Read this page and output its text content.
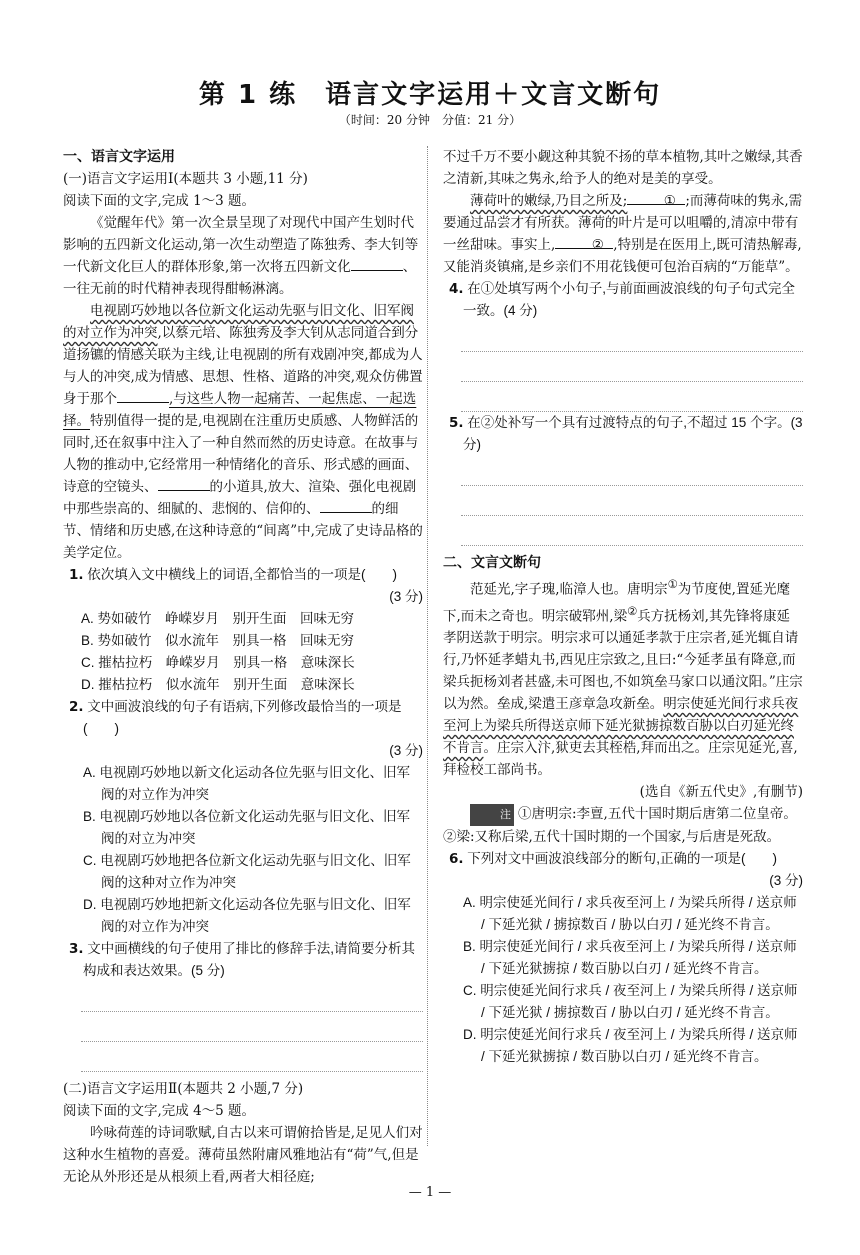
第 1 练　语言文字运用＋文言文断句
（时间：20 分钟　分值：21 分）

一、语言文字运用

(一)语言文字运用Ⅰ(本题共 3 小题,11 分)

阅读下面的文字,完成 1～3 题。

《觉醒年代》第一次全景呈现了对现代中国产生划时代影响的五四新文化运动,第一次生动塑造了陈独秀、李大钊等一代新文化巨人的群体形象,第一次将五四新文化	、一往无前的时代精神表现得酣畅淋漓。

电视剧巧妙地以各位新文化运动先驱与旧文化、旧军阀的对立作为冲突,以蔡元培、陈独秀及李大钊从志同道合到分道扬镳的情感关联为主线,让电视剧的所有戏剧冲突,都成为人与人的冲突,成为情感、思想、性格、道路的冲突,观众仿佛置身于那个	,与这些人物一起痛苦、一起焦虑、一起选择。特别值得一提的是,电视剧在注重历史质感、人物鲜活的同时,还在叙事中注入了一种自然而然的历史诗意。在故事与人物的推动中,它经常用一种情绪化的音乐、形式感的画面、诗意的空镜头、	的小道具,放大、渲染、强化电视剧中那些崇高的、细腻的、悲悯的、信仰的、	的细节、情绪和历史感,在这种诗意的“间离”中,完成了史诗品格的美学定位。

1. 依次填入文中横线上的词语,全都恰当的一项是(　　)

(3 分)

A. 势如破竹　峥嵘岁月　别开生面　回味无穷

B. 势如破竹　似水流年　别具一格　回味无穷

C. 摧枯拉朽　峥嵘岁月　别具一格　意味深长

D. 摧枯拉朽　似水流年　别开生面　意味深长

2. 文中画波浪线的句子有语病,下列修改最恰当的一项是(　　)

(3 分)

A. 电视剧巧妙地以新文化运动各位先驱与旧文化、旧军阀的对立作为冲突

B. 电视剧巧妙地以各位新文化运动先驱与旧文化、旧军阀的对立为冲突

C. 电视剧巧妙地把各位新文化运动先驱与旧文化、旧军阀的这种对立作为冲突

D. 电视剧巧妙地把新文化运动各位先驱与旧文化、旧军阀的对立作为冲突

3. 文中画横线的句子使用了排比的修辞手法,请简要分析其构成和表达效果。(5 分)

(二)语言文字运用Ⅱ(本题共 2 小题,7 分)

阅读下面的文字,完成 4～5 题。

吟咏荷莲的诗词歌赋,自古以来可谓俯拾皆是,足见人们对这种水生植物的喜爱。薄荷虽然附庸风雅地沾有“荷”气,但是无论从外形还是从根须上看,两者大相径庭;

不过千万不要小觑这种其貌不扬的草本植物,其叶之嫩绿,其香之清新,其味之隽永,给予人的绝对是美的享受。

薄荷叶的嫩绿,乃目之所及;	① ;而薄荷味的隽永,需要通过品尝才有所获。薄荷的叶片是可以咀嚼的,清凉中带有一丝甜味。事实上,	② ,特别是在医用上,既可清热解毒,又能消炎镇痛,是乡亲们不用花钱便可包治百病的“万能草”。

4. 在①处填写两个小句子,与前面画波浪线的句子句式完全一致。(4 分)

5. 在②处补写一个具有过渡特点的句子,不超过 15 个字。(3 分)

二、文言文断句

范延光,字子瑰,临漳人也。唐明宗①为节度使,置延光麾下,而未之奇也。明宗破郓州,梁②兵方抚杨刘,其先锋将康延孝阴送款于明宗。明宗求可以通延孝款于庄宗者,延光辄自请行,乃怀延孝蜡丸书,西见庄宗致之,且曰:“今延孝虽有降意,而梁兵扼杨刘者甚盛,未可图也,不如筑垒马家口以通汶阳。”庄宗以为然。垒成,梁遣王彦章急攻新垒。明宗使延光间行求兵夜至河上为梁兵所得送京师下延光狱掳掠数百胁以白刃延光终不肯言。庄宗入汴,狱吏去其桎梏,拜而出之。庄宗见延光,喜,拜检校工部尚书。

(选自《新五代史》,有删节)

注 ①唐明宗:李亶,五代十国时期后唐第二位皇帝。

②梁:又称后梁,五代十国时期的一个国家,与后唐是死敌。

6. 下列对文中画波浪线部分的断句,正确的一项是(　　)

(3 分)

A. 明宗使延光间行 / 求兵夜至河上 / 为梁兵所得 / 送京师 / 下延光狱 / 掳掠数百 / 胁以白刃 / 延光终不肯言。

B. 明宗使延光间行 / 求兵夜至河上 / 为梁兵所得 / 送京师 / 下延光狱掳掠 / 数百胁以白刃 / 延光终不肯言。

C. 明宗使延光间行求兵 / 夜至河上 / 为梁兵所得 / 送京师 / 下延光狱 / 掳掠数百 / 胁以白刃 / 延光终不肯言。

D. 明宗使延光间行求兵 / 夜至河上 / 为梁兵所得 / 送京师 / 下延光狱掳掠 / 数百胁以白刃 / 延光终不肯言。

— 1 —
